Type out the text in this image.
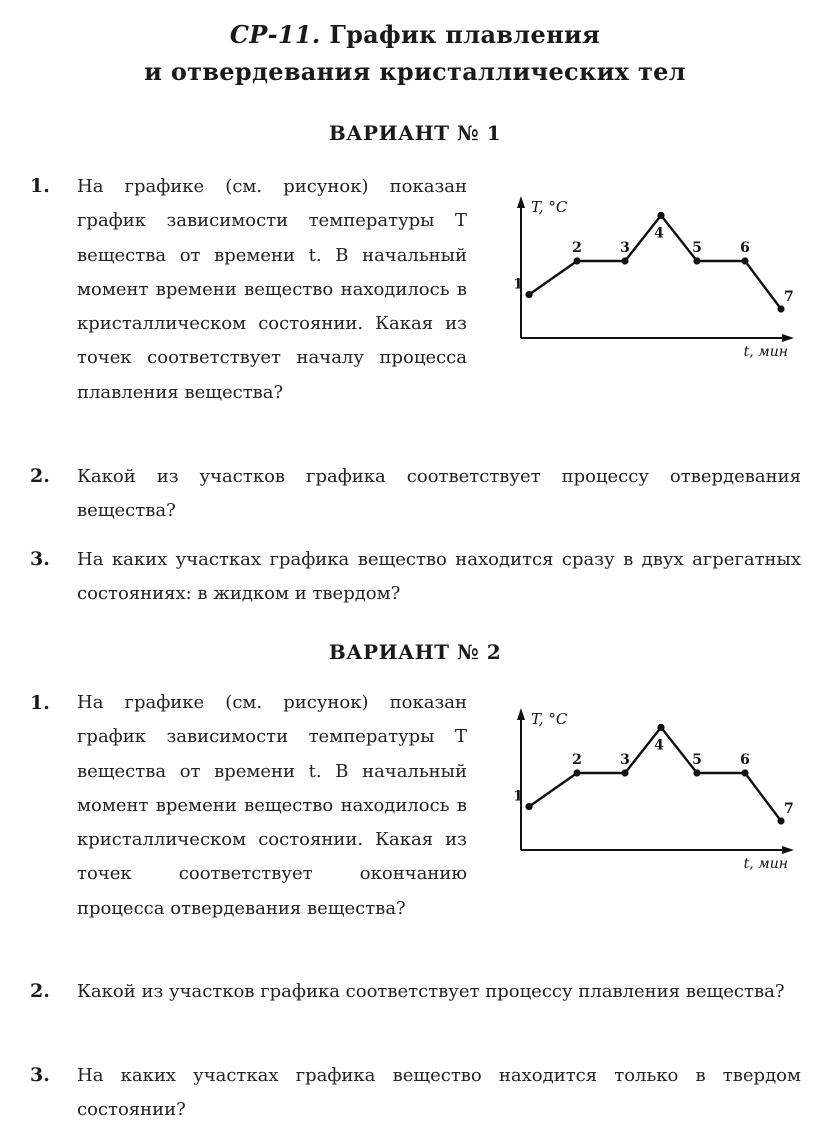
СР-11. График плавления
и отвердевания кристаллических тел
ВАРИАНТ № 1
1. На графике (см. рисунок) показан график зависимости температуры T вещества от времени t. В начальный момент времени вещество находилось в кристаллическом состоянии. Какая из точек соответствует началу процесса плавления вещества?
T, °C
t, мин
1
2	3
4
5	6
7
2. Какой из участков графика соответствует процессу отвердевания вещества?
3. На каких участках графика вещество находится сразу в двух агрегатных состояниях: в жидком и твердом?
ВАРИАНТ № 2
1. На графике (см. рисунок) показан график зависимости температуры T вещества от времени t. В начальный момент времени вещество находилось в кристаллическом состоянии. Какая из точек соответствует окончанию процесса отвердевания вещества?
T, °C
t, мин
1
2	3
4
5	6
7
2. Какой из участков графика соответствует процессу плавления вещества?
3. На каких участках графика вещество находится только в твердом состоянии?
